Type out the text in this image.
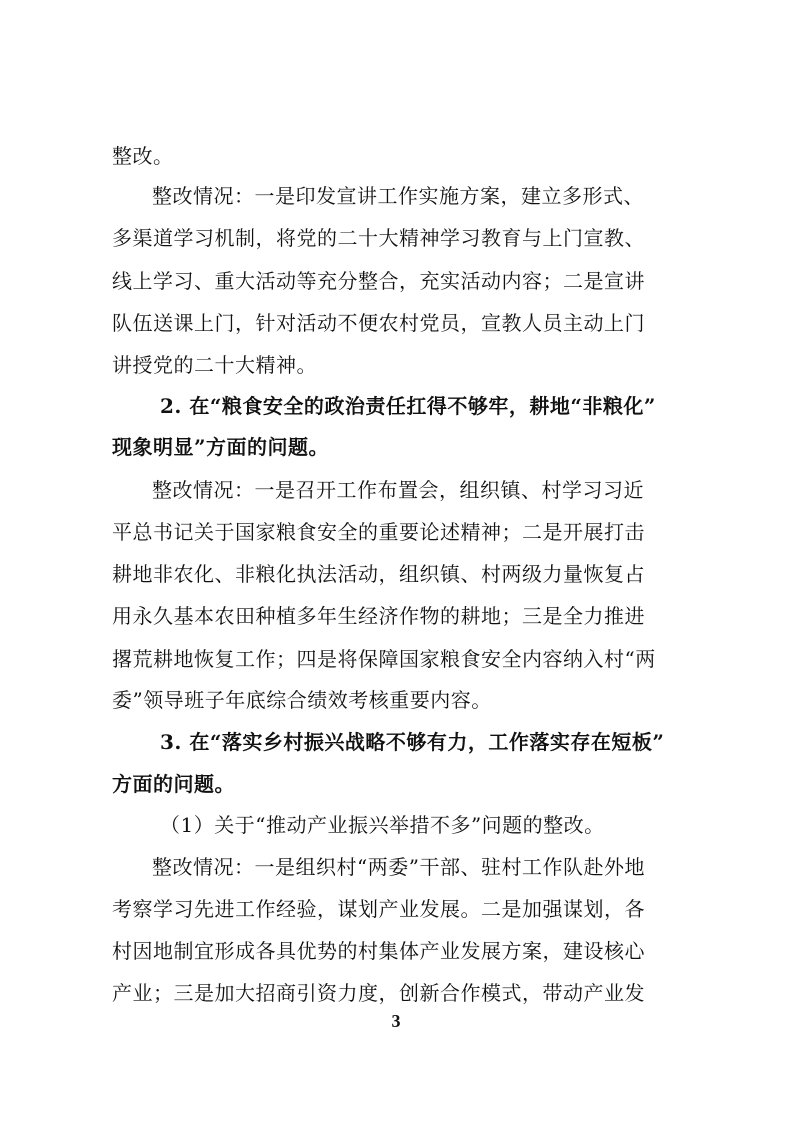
整改。
整改情况：一是印发宣讲工作实施方案，建立多形式、
多渠道学习机制，将党的二十大精神学习教育与上门宣教、
线上学习、重大活动等充分整合，充实活动内容；二是宣讲
队伍送课上门，针对活动不便农村党员，宣教人员主动上门
讲授党的二十大精神。
2. 在“粮食安全的政治责任扛得不够牢，耕地“非粮化”
现象明显”方面的问题。
整改情况：一是召开工作布置会，组织镇、村学习习近
平总书记关于国家粮食安全的重要论述精神；二是开展打击
耕地非农化、非粮化执法活动，组织镇、村两级力量恢复占
用永久基本农田种植多年生经济作物的耕地；三是全力推进
撂荒耕地恢复工作；四是将保障国家粮食安全内容纳入村“两
委”领导班子年底综合绩效考核重要内容。
3. 在“落实乡村振兴战略不够有力，工作落实存在短板”
方面的问题。
（1）关于“推动产业振兴举措不多”问题的整改。
整改情况：一是组织村“两委”干部、驻村工作队赴外地
考察学习先进工作经验，谋划产业发展。二是加强谋划，各
村因地制宜形成各具优势的村集体产业发展方案，建设核心
产业；三是加大招商引资力度，创新合作模式，带动产业发
3
